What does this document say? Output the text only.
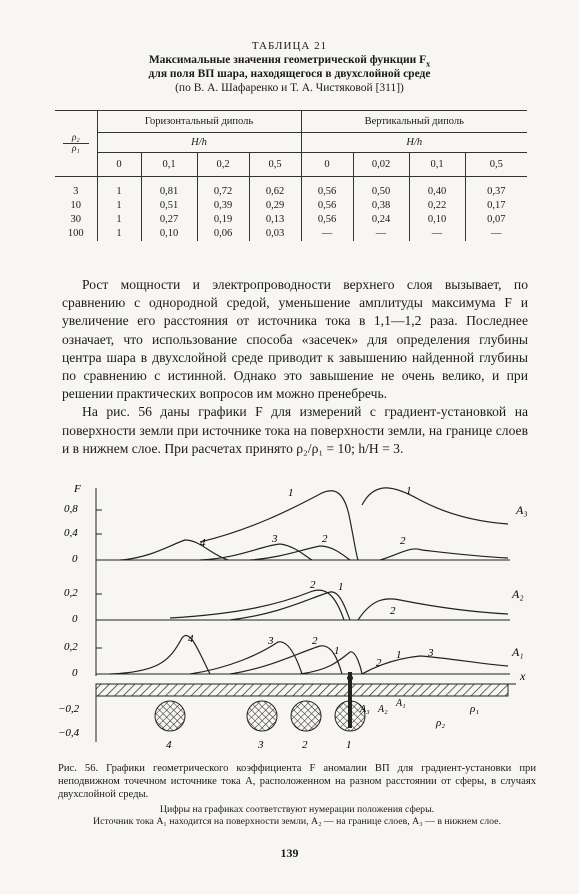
ТАБЛИЦА 21
Максимальные значения геометрической функции $F_x$
для поля ВП шара, находящегося в двухслойной среде
(по В. А. Шафаренко и Т. А. Чистяковой [311])
ρ₂
ρ₁	Горизонтальный диполь				Вертикальный диполь			
	H/h				H/h			
	0	0,1	0,2	0,5	0	0,02	0,1	0,5
3	1	0,81	0,72	0,62	0,56	0,50	0,40	0,37
10	1	0,51	0,39	0,29	0,56	0,38	0,22	0,17
30	1	0,27	0,19	0,13	0,56	0,24	0,10	0,07
100	1	0,10	0,06	0,03	—	—	—	—

Рост мощности и электропроводности верхнего слоя вызывает, по сравнению с однородной средой, уменьшение амплитуды максимума F и увеличение его расстояния от источника тока в 1,1—1,2 раза. Последнее означает, что использование способа «засечек» для определения глубины центра шара в двухслойной среде приводит к завышению найденной глубины по сравнению с истинной. Однако это завышение не очень велико, и при решении практических вопросов им можно пренебречь.

На рис. 56 даны графики F для измерений с градиент-установкой на поверхности земли при источнике тока на поверхности земли, на границе слоев и в нижнем слое. При расчетах принято ρ₂/ρ₁ = 10; h/H = 3.

F
0,8
0,4
0
1	1
4	3	2	2
A₃
0,2
0
2 1
2
A₂
0,2
0
4	3	2
1
2
1 3	A₁
x
4	3	2	1
A₃ A₂
A₁
ρ₂
ρ₁
−0,2
−0,4

Рис. 56. Графики геометрического коэффициента F аномалии ВП для градиент-установки при неподвижном точечном источнике тока A, расположенном на разном расстоянии от сферы, в случаях двухслойной среды.

Цифры на графиках соответствуют нумерации положения сферы.

Источник тока A₁ находится на поверхности земли, A₂ — на границе слоев, A₃ — в нижнем слое.

139
